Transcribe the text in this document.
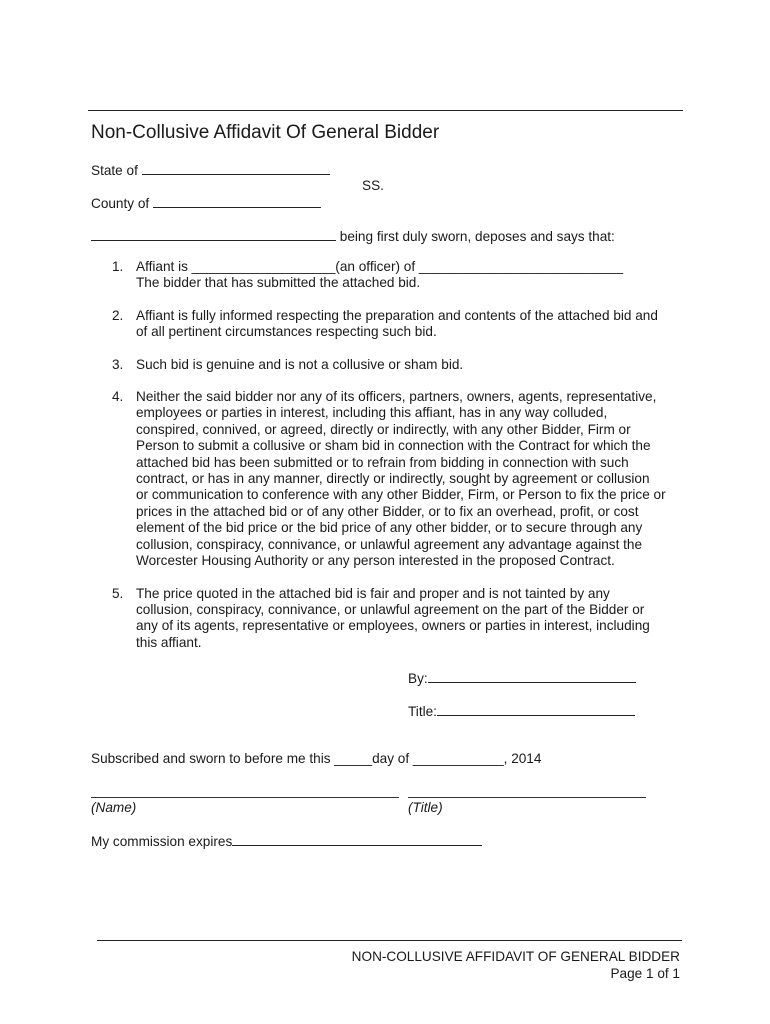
Non-Collusive Affidavit Of General Bidder
State of
SS.
County of
being first duly sworn, deposes and says that:
1. Affiant is ___________________(an officer) of ___________________________
The bidder that has submitted the attached bid.
2. Affiant is fully informed respecting the preparation and contents of the attached bid and
of all pertinent circumstances respecting such bid.
3. Such bid is genuine and is not a collusive or sham bid.
4. Neither the said bidder nor any of its officers, partners, owners, agents, representative,
employees or parties in interest, including this affiant, has in any way colluded,
conspired, connived, or agreed, directly or indirectly, with any other Bidder, Firm or
Person to submit a collusive or sham bid in connection with the Contract for which the
attached bid has been submitted or to refrain from bidding in connection with such
contract, or has in any manner, directly or indirectly, sought by agreement or collusion
or communication to conference with any other Bidder, Firm, or Person to fix the price or
prices in the attached bid or of any other Bidder, or to fix an overhead, profit, or cost
element of the bid price or the bid price of any other bidder, or to secure through any
collusion, conspiracy, connivance, or unlawful agreement any advantage against the
Worcester Housing Authority or any person interested in the proposed Contract.
5. The price quoted in the attached bid is fair and proper and is not tainted by any
collusion, conspiracy, connivance, or unlawful agreement on the part of the Bidder or
any of its agents, representative or employees, owners or parties in interest, including
this affiant.
By:
Title:
Subscribed and sworn to before me this _____day of ____________, 2014
(Name)	(Title)
My commission expires
NON-COLLUSIVE AFFIDAVIT OF GENERAL BIDDER
Page 1 of 1
